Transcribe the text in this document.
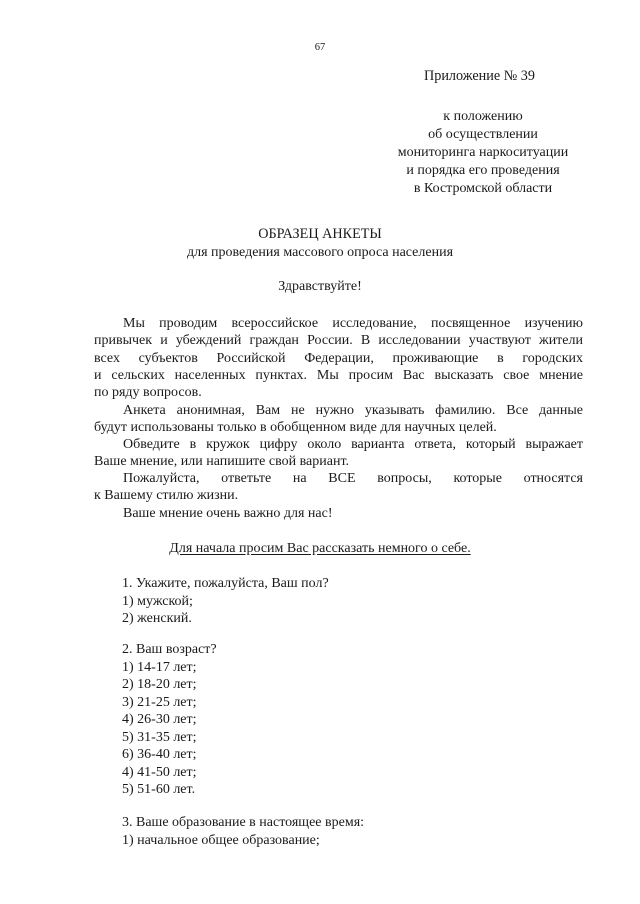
67
Приложение № 39
к положению
об осуществлении
мониторинга наркоситуации
и порядка его проведения
в Костромской области
ОБРАЗЕЦ АНКЕТЫ
для проведения массового опроса населения
Здравствуйте!
Мы проводим всероссийское исследование, посвященное изучению
привычек и убеждений граждан России. В исследовании участвуют жители
всех субъектов Российской Федерации, проживающие в городских
и сельских населенных пунктах. Мы просим Вас высказать свое мнение
по ряду вопросов.
Анкета анонимная, Вам не нужно указывать фамилию. Все данные
будут использованы только в обобщенном виде для научных целей.
Обведите в кружок цифру около варианта ответа, который выражает
Ваше мнение, или напишите свой вариант.
Пожалуйста, ответьте на ВСЕ вопросы, которые относятся
к Вашему стилю жизни.
Ваше мнение очень важно для нас!
Для начала просим Вас рассказать немного о себе.
1. Укажите, пожалуйста, Ваш пол?
1) мужской;
2) женский.
2. Ваш возраст?
1) 14-17 лет;
2) 18-20 лет;
3) 21-25 лет;
4) 26-30 лет;
5) 31-35 лет;
6) 36-40 лет;
4) 41-50 лет;
5) 51-60 лет.
3. Ваше образование в настоящее время:
1) начальное общее образование;
